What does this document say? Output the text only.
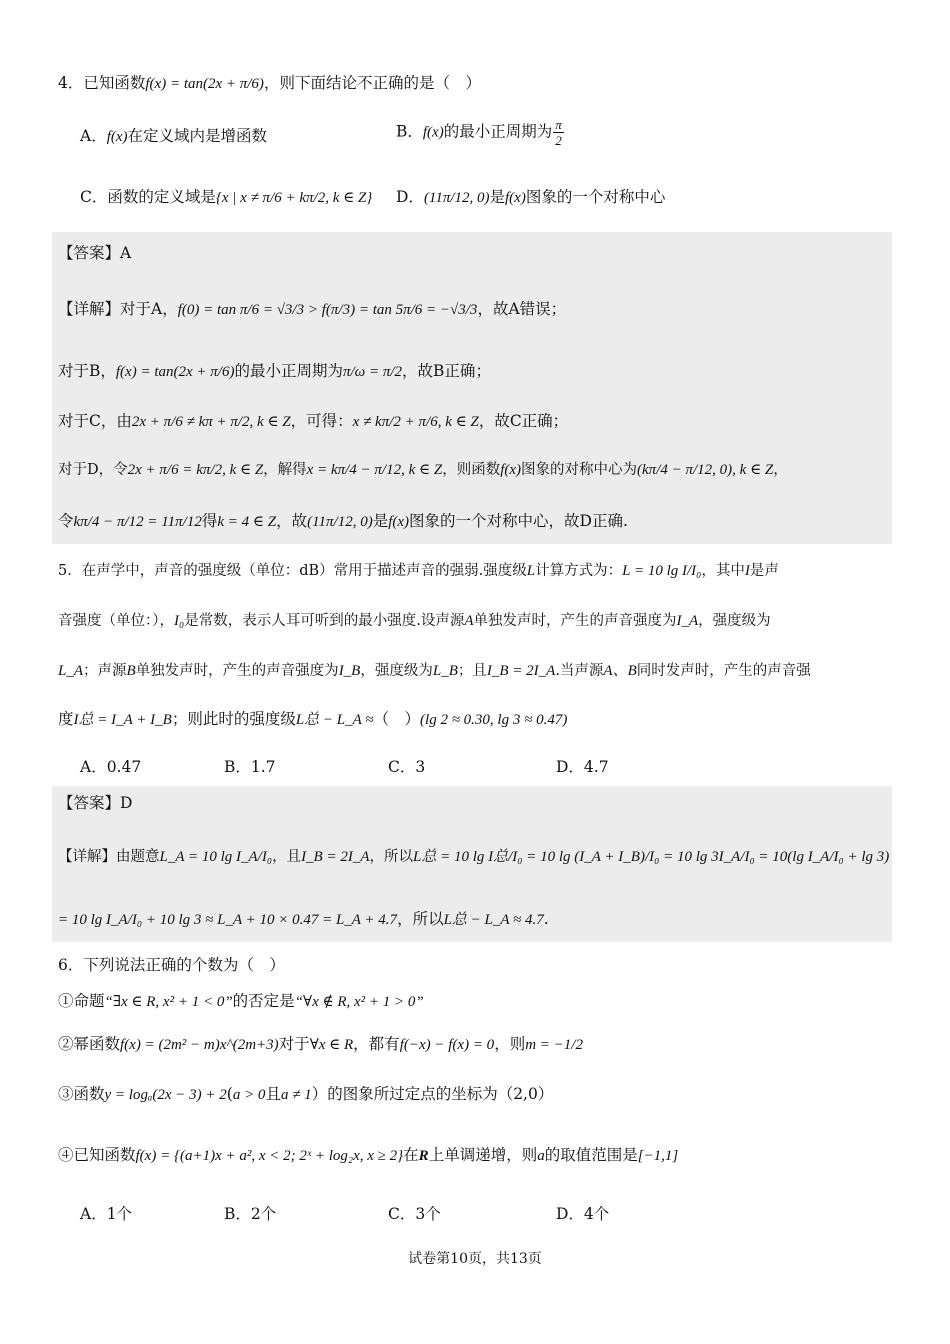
4．已知函数f(x) = tan(2x + π/6)，则下面结论不正确的是（　）
A．f(x)在定义域内是增函数	B．f(x)的最小正周期为 $\frac{\pi}{2}$
C．函数的定义域是{x | x ≠ π/6 + kπ/2, k ∈ Z} D．(11π/12, 0)是f(x)图象的一个对称中心
【答案】A
【详解】对于A，f(0) = tan π/6 = √3/3 > f(π/3) = tan 5π/6 = −√3/3，故A错误；
对于B，f(x) = tan(2x + π/6)的最小正周期为π/ω = π/2，故B正确；
对于C，由2x + π/6 ≠ kπ + π/2, k ∈ Z，可得：x ≠ kπ/2 + π/6, k ∈ Z，故C正确；
对于D，令2x + π/6 = kπ/2, k ∈ Z，解得x = kπ/4 − π/12, k ∈ Z，则函数f(x)图象的对称中心为(kπ/4 − π/12, 0), k ∈ Z，
令kπ/4 − π/12 = 11π/12得k = 4 ∈ Z，故(11π/12, 0)是f(x)图象的一个对称中心，故D正确.
5．在声学中，声音的强度级（单位：dB）常用于描述声音的强弱.强度级L计算方式为：L = 10 lg I/I₀，其中I是声
音强度（单位：），I₀是常数，表示人耳可听到的最小强度.设声源A单独发声时，产生的声音强度为I_A，强度级为
L_A；声源B单独发声时，产生的声音强度为I_B，强度级为L_B；且I_B = 2I_A.当声源A、B同时发声时，产生的声音强
度I总 = I_A + I_B；则此时的强度级L总 − L_A ≈（　）(lg 2 ≈ 0.30, lg 3 ≈ 0.47)
A．0.47	B．1.7	C．3	D．4.7
【答案】D
【详解】由题意L_A = 10 lg I_A/I₀，且I_B = 2I_A，所以L总 = 10 lg I总/I₀ = 10 lg (I_A + I_B)/I₀ = 10 lg 3I_A/I₀ = 10(lg I_A/I₀ + lg 3)
= 10 lg I_A/I₀ + 10 lg 3 ≈ L_A + 10 × 0.47 = L_A + 4.7，所以L总 − L_A ≈ 4.7.
6．下列说法正确的个数为（　）
①命题“∃x ∈ R, x² + 1 < 0”的否定是“∀x ∉ R, x² + 1 > 0”
②幂函数f(x) = (2m² − m)x^(2m+3)对于∀x ∈ R，都有f(−x) − f(x) = 0，则m = −1/2
③函数y = logₐ(2x − 3) + 2(a > 0且a ≠ 1）的图象所过定点的坐标为（2,0）
④已知函数f(x) = {(a+1)x + a², x < 2; 2ˣ + log₂x, x ≥ 2}在R上单调递增，则a的取值范围是[−1,1]
A．1个	B．2个	C．3个	D．4个
试卷第10页，共13页
